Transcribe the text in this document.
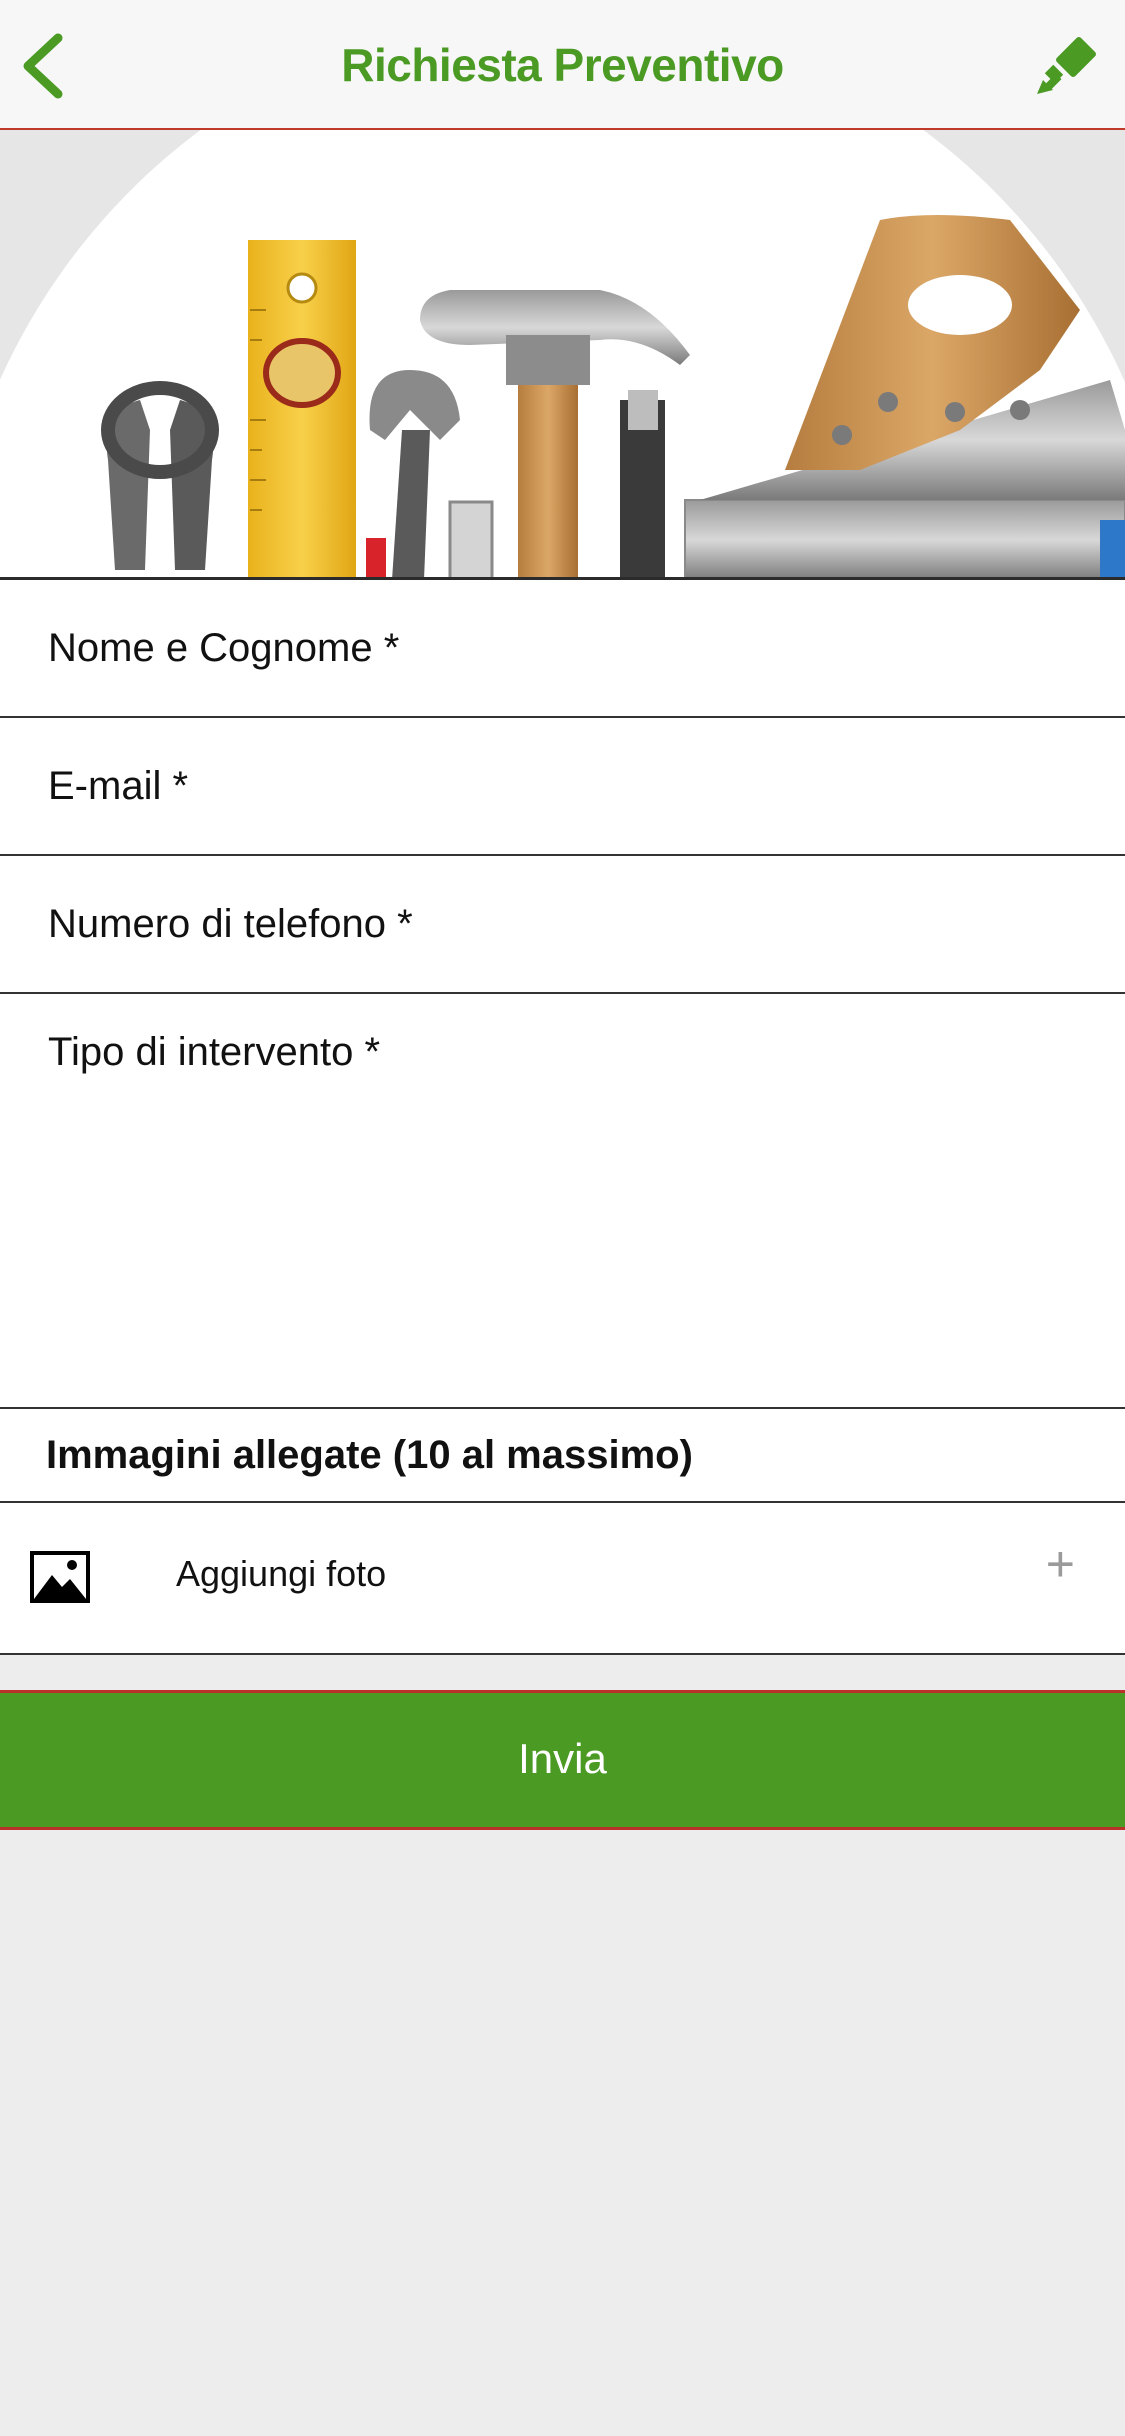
Richiesta Preventivo
Nome e Cognome *
E-mail *
Numero di telefono *
Tipo di intervento *
Immagini allegate (10 al massimo)
Aggiungi foto	+
Invia
